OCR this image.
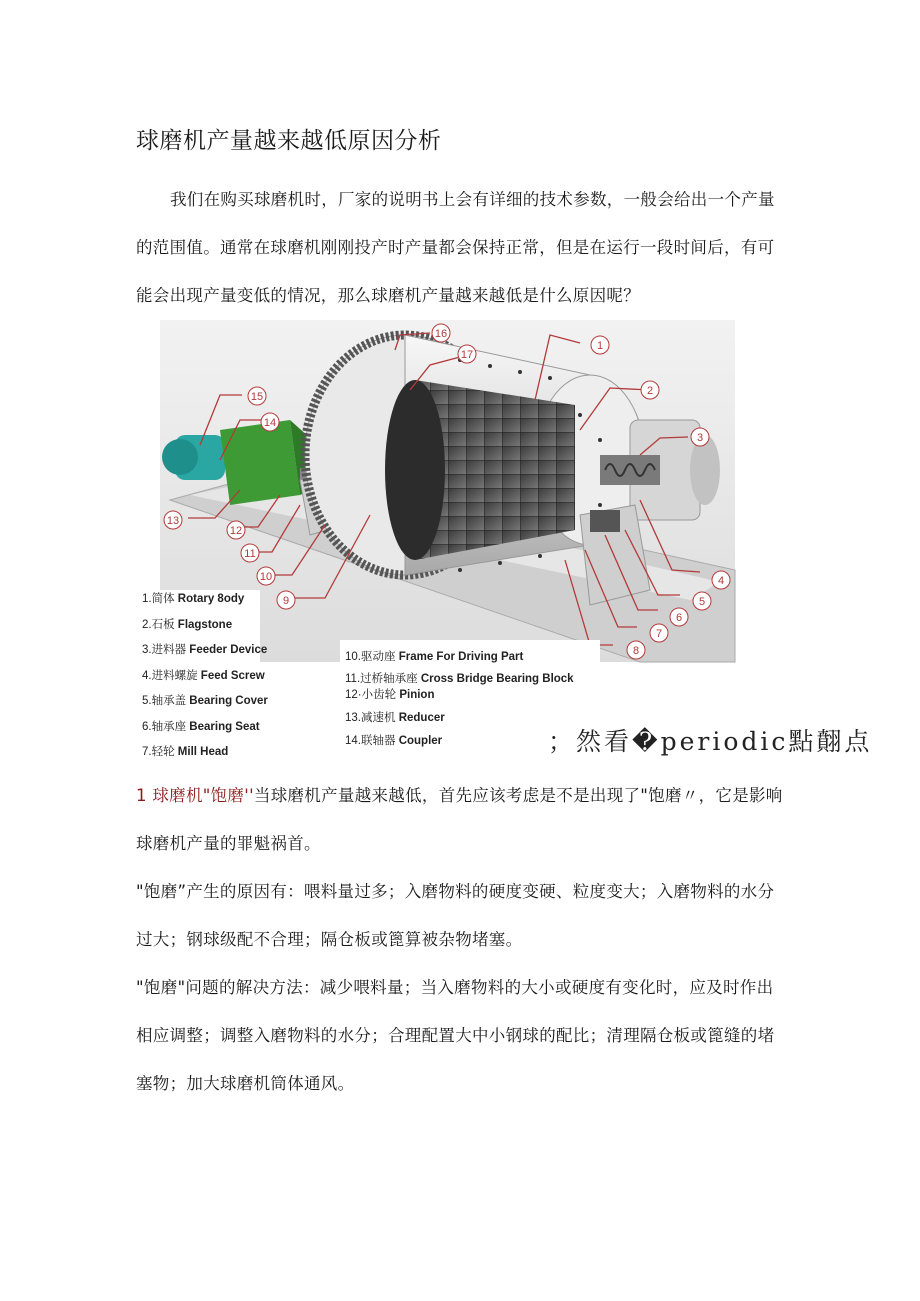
球磨机产量越来越低原因分析

我们在购买球磨机时，厂家的说明书上会有详细的技术参数，一般会给出一个产量的范围值。通常在球磨机刚刚投产时产量都会保持正常，但是在运行一段时间后，有可能会出现产量变低的情况，那么球磨机产量越来越低是什么原因呢？

1
2
3
4
5
6
7
8
9
10
11
12
13
14
15
16
17
1.简体 Rotary 8ody
2.石板 Flagstone
3.进料器 Feeder Device
4.进料螺旋 Feed Screw
5.轴承盖 Bearing Cover
6.轴承座 Bearing Seat
7.轻轮 Mill Head
10.驱动座 Frame For Driving Part
11.过桥轴承座 Cross Bridge Bearing Block
12·小齿轮 Pinion
13.减速机 Reducer
14.联轴器 Coupler	；然看�periodic點翸点

1 球磨机"饱磨''当球磨机产量越来越低，首先应该考虑是不是出现了"饱磨〃，它是影响球磨机产量的罪魁祸首。

"饱磨”产生的原因有：喂料量过多；入磨物料的硬度变硬、粒度变大；入磨物料的水分过大；钢球级配不合理；隔仓板或篦算被杂物堵塞。

"饱磨"问题的解决方法：减少喂料量；当入磨物料的大小或硬度有变化时，应及时作出相应调整；调整入磨物料的水分；合理配置大中小钢球的配比；清理隔仓板或篦缝的堵塞物；加大球磨机筒体通风。
